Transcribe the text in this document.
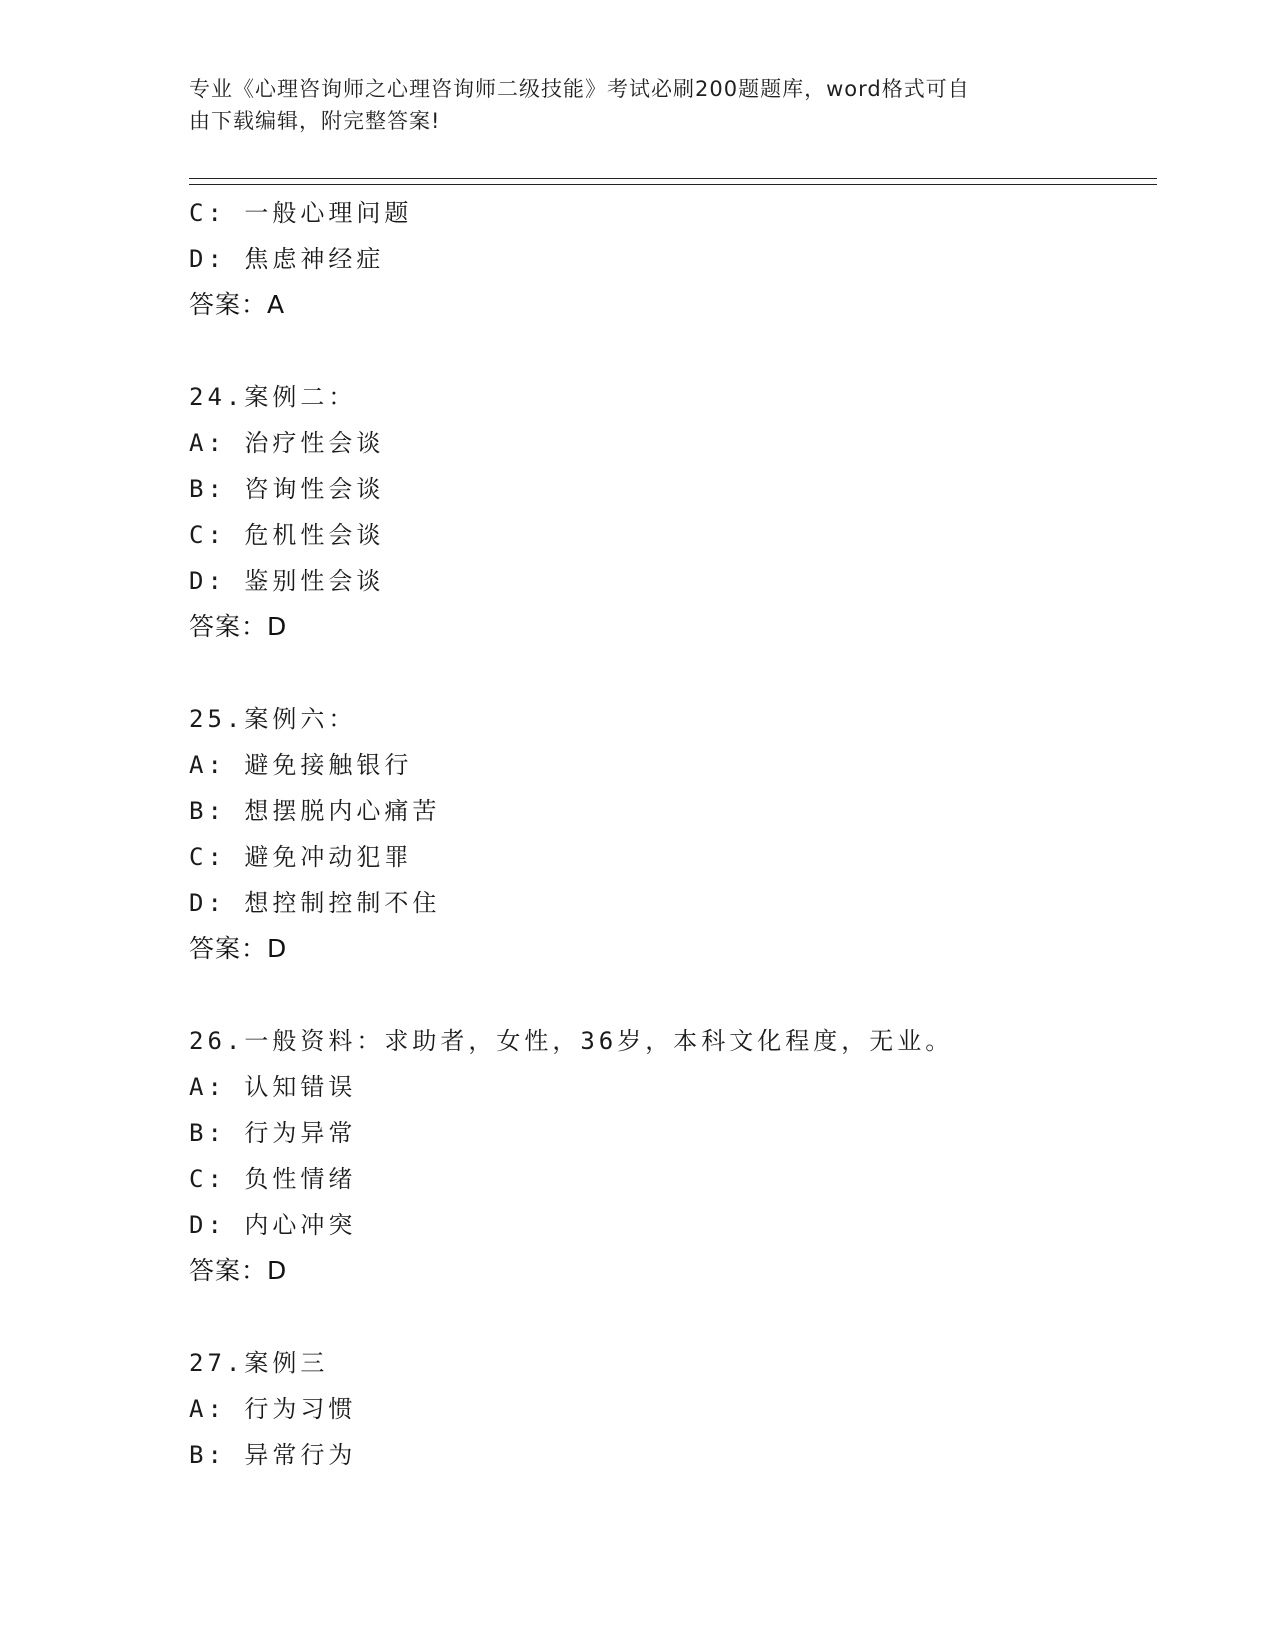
专业《心理咨询师之心理咨询师二级技能》考试必刷200题题库，word格式可自
由下载编辑，附完整答案!
C: 一般心理问题
D: 焦虑神经症
答案：A
24.案例二：
A: 治疗性会谈
B: 咨询性会谈
C: 危机性会谈
D: 鉴别性会谈
答案：D
25.案例六：
A: 避免接触银行
B: 想摆脱内心痛苦
C: 避免冲动犯罪
D: 想控制控制不住
答案：D
26.一般资料：求助者，女性，36岁，本科文化程度，无业。
A: 认知错误
B: 行为异常
C: 负性情绪
D: 内心冲突
答案：D
27.案例三
A: 行为习惯
B: 异常行为
